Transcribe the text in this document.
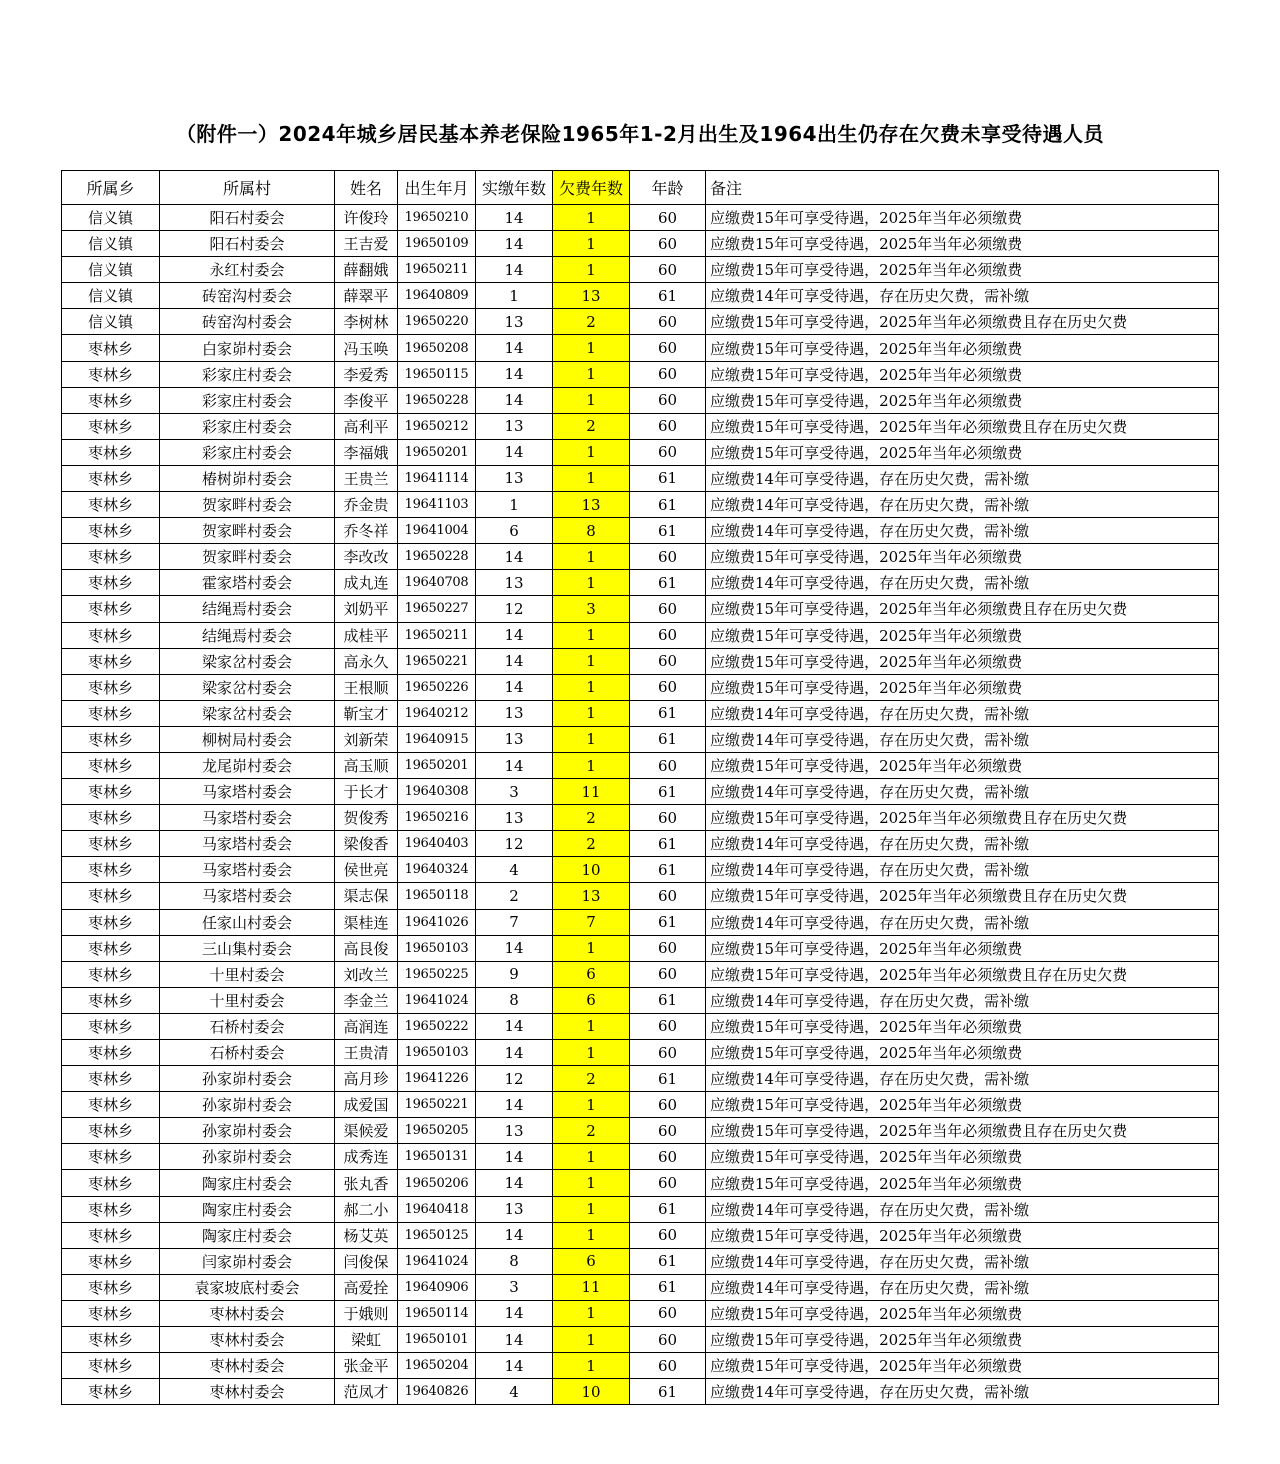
（附件一）2024年城乡居民基本养老保险1965年1-2月出生及1964出生仍存在欠费未享受待遇人员
所属乡	所属村	姓名	出生年月	实缴年数	欠费年数	年龄	备注
信义镇	阳石村委会	许俊玲	19650210	14	1	60	应缴费15年可享受待遇，2025年当年必须缴费
信义镇	阳石村委会	王吉爱	19650109	14	1	60	应缴费15年可享受待遇，2025年当年必须缴费
信义镇	永红村委会	薛翻娥	19650211	14	1	60	应缴费15年可享受待遇，2025年当年必须缴费
信义镇	砖窑沟村委会	薛翠平	19640809	1	13	61	应缴费14年可享受待遇，存在历史欠费，需补缴
信义镇	砖窑沟村委会	李树林	19650220	13	2	60	应缴费15年可享受待遇，2025年当年必须缴费且存在历史欠费
枣林乡	白家峁村委会	冯玉唤	19650208	14	1	60	应缴费15年可享受待遇，2025年当年必须缴费
枣林乡	彩家庄村委会	李爱秀	19650115	14	1	60	应缴费15年可享受待遇，2025年当年必须缴费
枣林乡	彩家庄村委会	李俊平	19650228	14	1	60	应缴费15年可享受待遇，2025年当年必须缴费
枣林乡	彩家庄村委会	高利平	19650212	13	2	60	应缴费15年可享受待遇，2025年当年必须缴费且存在历史欠费
枣林乡	彩家庄村委会	李福娥	19650201	14	1	60	应缴费15年可享受待遇，2025年当年必须缴费
枣林乡	椿树峁村委会	王贵兰	19641114	13	1	61	应缴费14年可享受待遇，存在历史欠费，需补缴
枣林乡	贺家畔村委会	乔金贵	19641103	1	13	61	应缴费14年可享受待遇，存在历史欠费，需补缴
枣林乡	贺家畔村委会	乔冬祥	19641004	6	8	61	应缴费14年可享受待遇，存在历史欠费，需补缴
枣林乡	贺家畔村委会	李改改	19650228	14	1	60	应缴费15年可享受待遇，2025年当年必须缴费
枣林乡	霍家塔村委会	成丸连	19640708	13	1	61	应缴费14年可享受待遇，存在历史欠费，需补缴
枣林乡	结绳焉村委会	刘奶平	19650227	12	3	60	应缴费15年可享受待遇，2025年当年必须缴费且存在历史欠费
枣林乡	结绳焉村委会	成桂平	19650211	14	1	60	应缴费15年可享受待遇，2025年当年必须缴费
枣林乡	梁家岔村委会	高永久	19650221	14	1	60	应缴费15年可享受待遇，2025年当年必须缴费
枣林乡	梁家岔村委会	王根顺	19650226	14	1	60	应缴费15年可享受待遇，2025年当年必须缴费
枣林乡	梁家岔村委会	靳宝才	19640212	13	1	61	应缴费14年可享受待遇，存在历史欠费，需补缴
枣林乡	柳树局村委会	刘新荣	19640915	13	1	61	应缴费14年可享受待遇，存在历史欠费，需补缴
枣林乡	龙尾峁村委会	高玉顺	19650201	14	1	60	应缴费15年可享受待遇，2025年当年必须缴费
枣林乡	马家塔村委会	于长才	19640308	3	11	61	应缴费14年可享受待遇，存在历史欠费，需补缴
枣林乡	马家塔村委会	贺俊秀	19650216	13	2	60	应缴费15年可享受待遇，2025年当年必须缴费且存在历史欠费
枣林乡	马家塔村委会	梁俊香	19640403	12	2	61	应缴费14年可享受待遇，存在历史欠费，需补缴
枣林乡	马家塔村委会	侯世亮	19640324	4	10	61	应缴费14年可享受待遇，存在历史欠费，需补缴
枣林乡	马家塔村委会	渠志保	19650118	2	13	60	应缴费15年可享受待遇，2025年当年必须缴费且存在历史欠费
枣林乡	任家山村委会	渠桂连	19641026	7	7	61	应缴费14年可享受待遇，存在历史欠费，需补缴
枣林乡	三山集村委会	高艮俊	19650103	14	1	60	应缴费15年可享受待遇，2025年当年必须缴费
枣林乡	十里村委会	刘改兰	19650225	9	6	60	应缴费15年可享受待遇，2025年当年必须缴费且存在历史欠费
枣林乡	十里村委会	李金兰	19641024	8	6	61	应缴费14年可享受待遇，存在历史欠费，需补缴
枣林乡	石桥村委会	高润连	19650222	14	1	60	应缴费15年可享受待遇，2025年当年必须缴费
枣林乡	石桥村委会	王贵清	19650103	14	1	60	应缴费15年可享受待遇，2025年当年必须缴费
枣林乡	孙家峁村委会	高月珍	19641226	12	2	61	应缴费14年可享受待遇，存在历史欠费，需补缴
枣林乡	孙家峁村委会	成爱国	19650221	14	1	60	应缴费15年可享受待遇，2025年当年必须缴费
枣林乡	孙家峁村委会	渠候爱	19650205	13	2	60	应缴费15年可享受待遇，2025年当年必须缴费且存在历史欠费
枣林乡	孙家峁村委会	成秀连	19650131	14	1	60	应缴费15年可享受待遇，2025年当年必须缴费
枣林乡	陶家庄村委会	张丸香	19650206	14	1	60	应缴费15年可享受待遇，2025年当年必须缴费
枣林乡	陶家庄村委会	郝二小	19640418	13	1	61	应缴费14年可享受待遇，存在历史欠费，需补缴
枣林乡	陶家庄村委会	杨艾英	19650125	14	1	60	应缴费15年可享受待遇，2025年当年必须缴费
枣林乡	闫家峁村委会	闫俊保	19641024	8	6	61	应缴费14年可享受待遇，存在历史欠费，需补缴
枣林乡	袁家坡底村委会	高爱拴	19640906	3	11	61	应缴费14年可享受待遇，存在历史欠费，需补缴
枣林乡	枣林村委会	于娥则	19650114	14	1	60	应缴费15年可享受待遇，2025年当年必须缴费
枣林乡	枣林村委会	梁虹	19650101	14	1	60	应缴费15年可享受待遇，2025年当年必须缴费
枣林乡	枣林村委会	张金平	19650204	14	1	60	应缴费15年可享受待遇，2025年当年必须缴费
枣林乡	枣林村委会	范凤才	19640826	4	10	61	应缴费14年可享受待遇，存在历史欠费，需补缴
